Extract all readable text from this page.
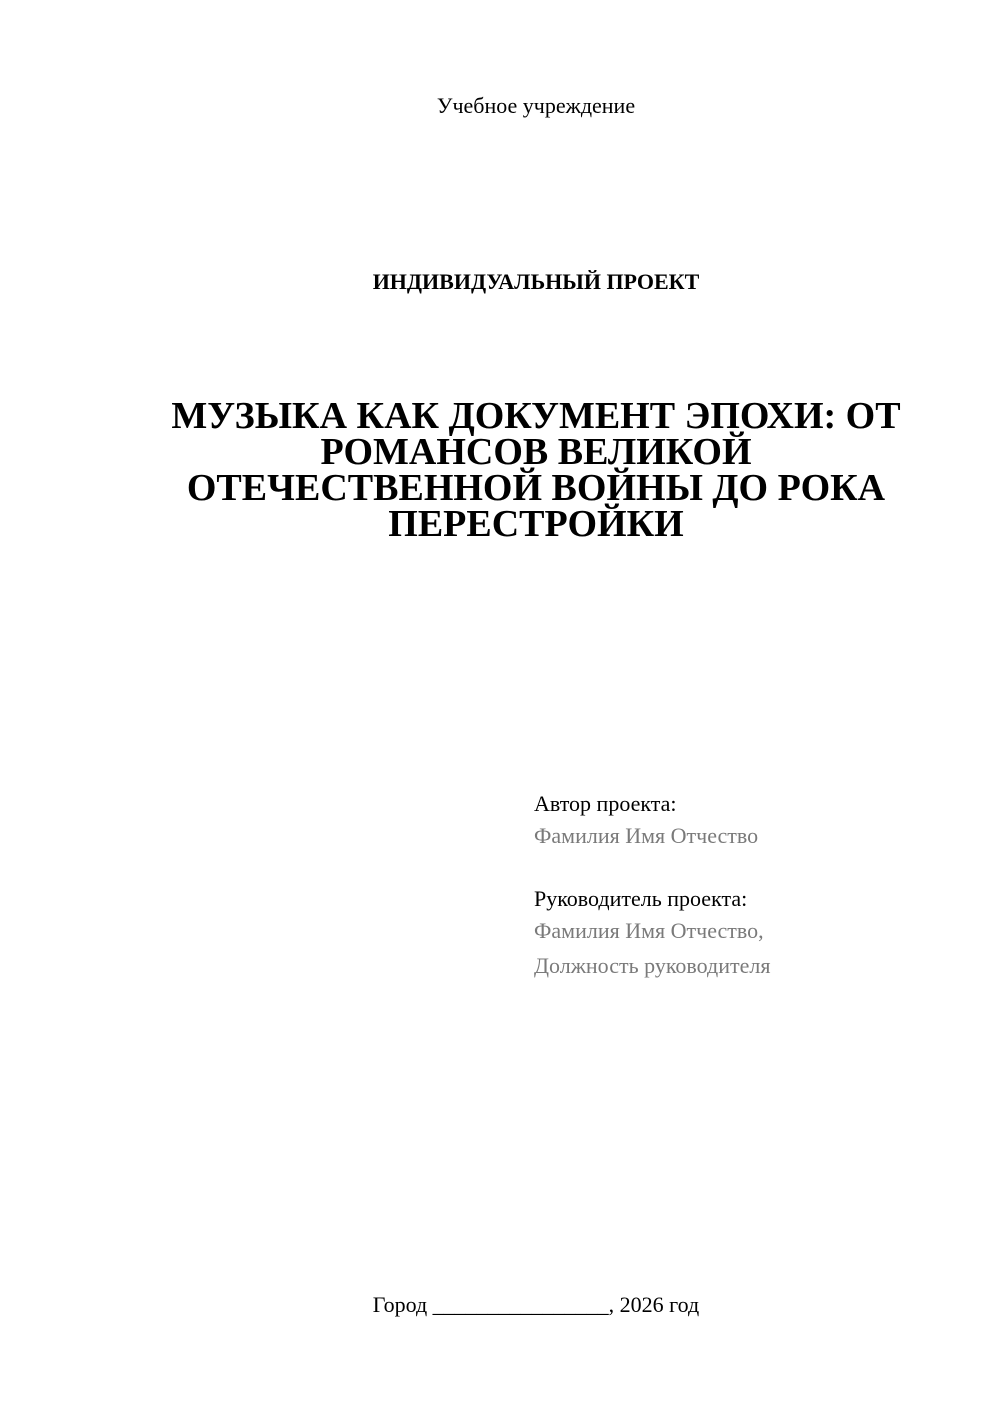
Учебное учреждение
ИНДИВИДУАЛЬНЫЙ ПРОЕКТ
МУЗЫКА КАК ДОКУМЕНТ ЭПОХИ: ОТ
РОМАНСОВ ВЕЛИКОЙ
ОТЕЧЕСТВЕННОЙ ВОЙНЫ ДО РОКА
ПЕРЕСТРОЙКИ
Автор проекта:
Фамилия Имя Отчество
Руководитель проекта:
Фамилия Имя Отчество,
Должность руководителя
Город ________________, 2026 год
